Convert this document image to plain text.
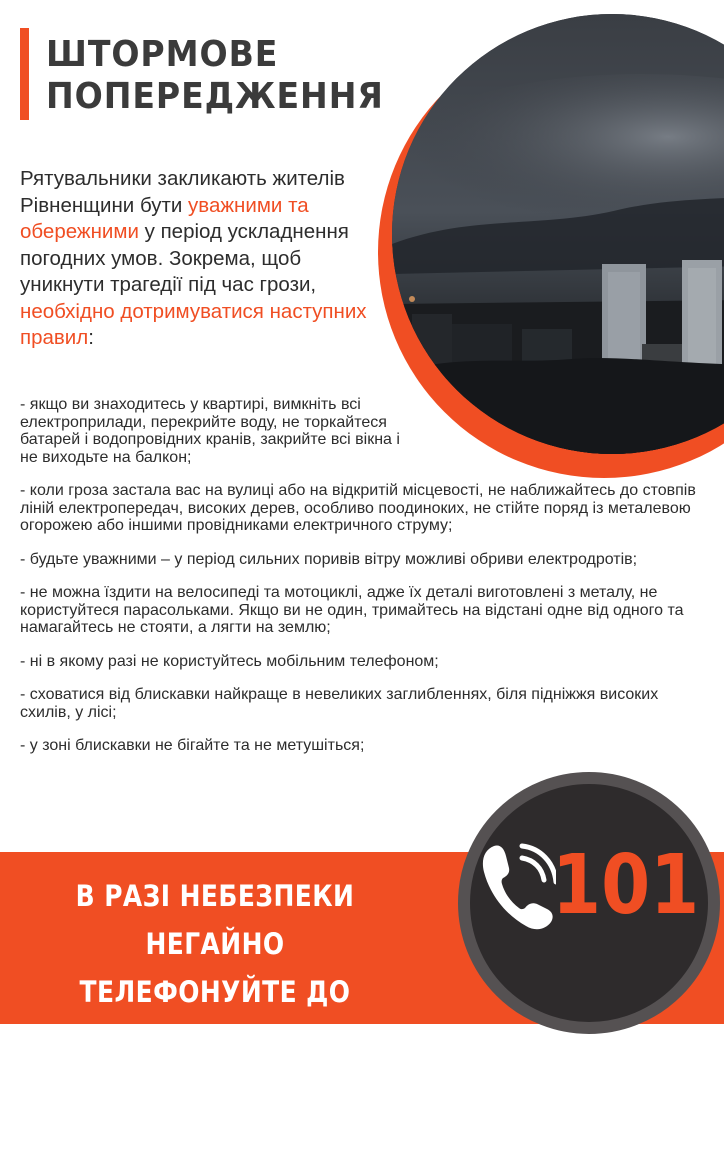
ШТОРМОВЕ
ПОПЕРЕДЖЕННЯ
Рятувальники закликають жителів Рівненщини бути уважними та обережними у період ускладнення погодних умов. Зокрема, щоб уникнути трагедії під час грози, необхідно дотримуватися наступних правил:

- якщо ви знаходитесь у квартирі, вимкніть всі електроприлади, перекрийте воду, не торкайтеся батарей і водопровідних кранів, закрийте всі вікна і не виходьте на балкон;

- коли гроза застала вас на вулиці або на відкритій місцевості, не наближайтесь до стовпів ліній електропередач, високих дерев, особливо поодиноких, не стійте поряд із металевою огорожею або іншими провідниками електричного струму;

- будьте уважними – у період сильних поривів вітру можливі обриви електродротів;

- не можна їздити на велосипеді та мотоциклі, адже їх деталі виготовлені з металу, не користуйтеся парасольками. Якщо ви не один, тримайтесь на відстані одне від одного та намагайтесь не стояти, а лягти на землю;

- ні в якому разі не користуйтесь мобільним телефоном;

- сховатися від блискавки найкраще в невеликих заглибленнях, біля підніжжя високих схилів, у лісі;

- у зоні блискавки не бігайте та не метушіться;

В РАЗІ НЕБЕЗПЕКИ НЕГАЙНО
ТЕЛЕФОНУЙТЕ ДО СЛУЖБИ
ПОРЯТУНКУ РІВНЕНЩИНИ
101
